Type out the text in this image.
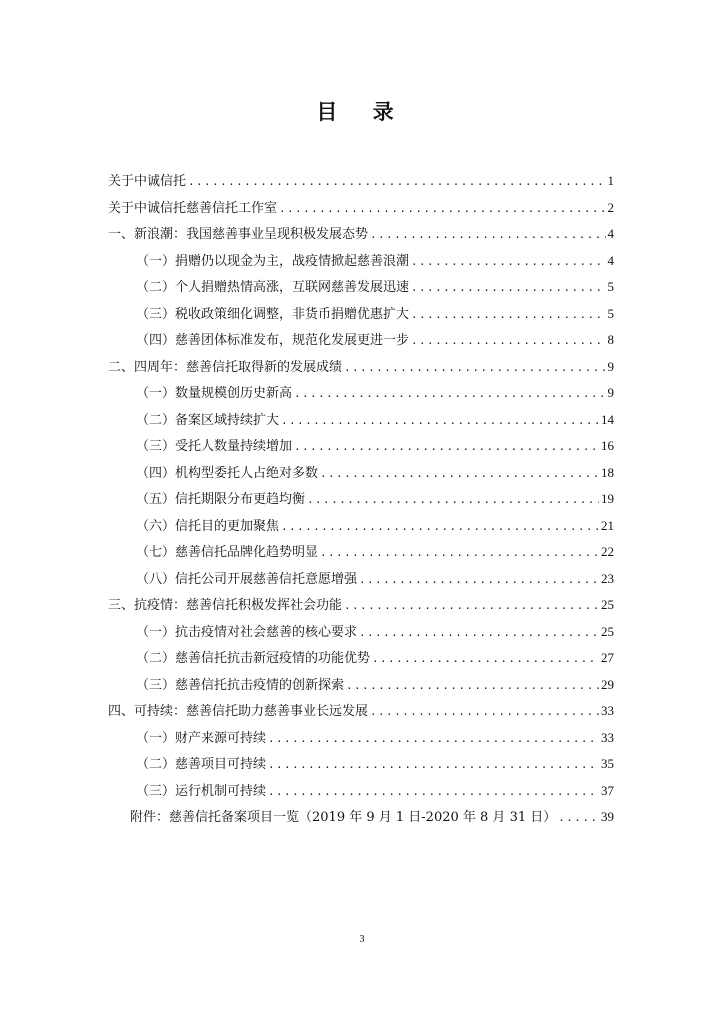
目 录
关于中诚信托 .....	1
关于中诚信托慈善信托工作室 .....	2
一、新浪潮：我国慈善事业呈现积极发展态势 .....	4
（一）捐赠仍以现金为主，战疫情掀起慈善浪潮 .....	4
（二）个人捐赠热情高涨，互联网慈善发展迅速 .....	5
（三）税收政策细化调整，非货币捐赠优惠扩大 .....	5
（四）慈善团体标准发布，规范化发展更进一步 .....	8
二、四周年：慈善信托取得新的发展成绩 .....	9
（一）数量规模创历史新高 .....	9
（二）备案区域持续扩大 .....	14
（三）受托人数量持续增加 .....	16
（四）机构型委托人占绝对多数 .....	18
（五）信托期限分布更趋均衡 .....	19
（六）信托目的更加聚焦 .....	21
（七）慈善信托品牌化趋势明显 .....	22
（八）信托公司开展慈善信托意愿增强 .....	23
三、抗疫情：慈善信托积极发挥社会功能 .....	25
（一）抗击疫情对社会慈善的核心要求 .....	25
（二）慈善信托抗击新冠疫情的功能优势 .....	27
（三）慈善信托抗击疫情的创新探索 .....	29
四、可持续：慈善信托助力慈善事业长远发展 .....	33
（一）财产来源可持续 .....	33
（二）慈善项目可持续 .....	35
（三）运行机制可持续 .....	37
附件：慈善信托备案项目一览（2019 年 9 月 1 日-2020 年 8 月 31 日） .....	39
3
